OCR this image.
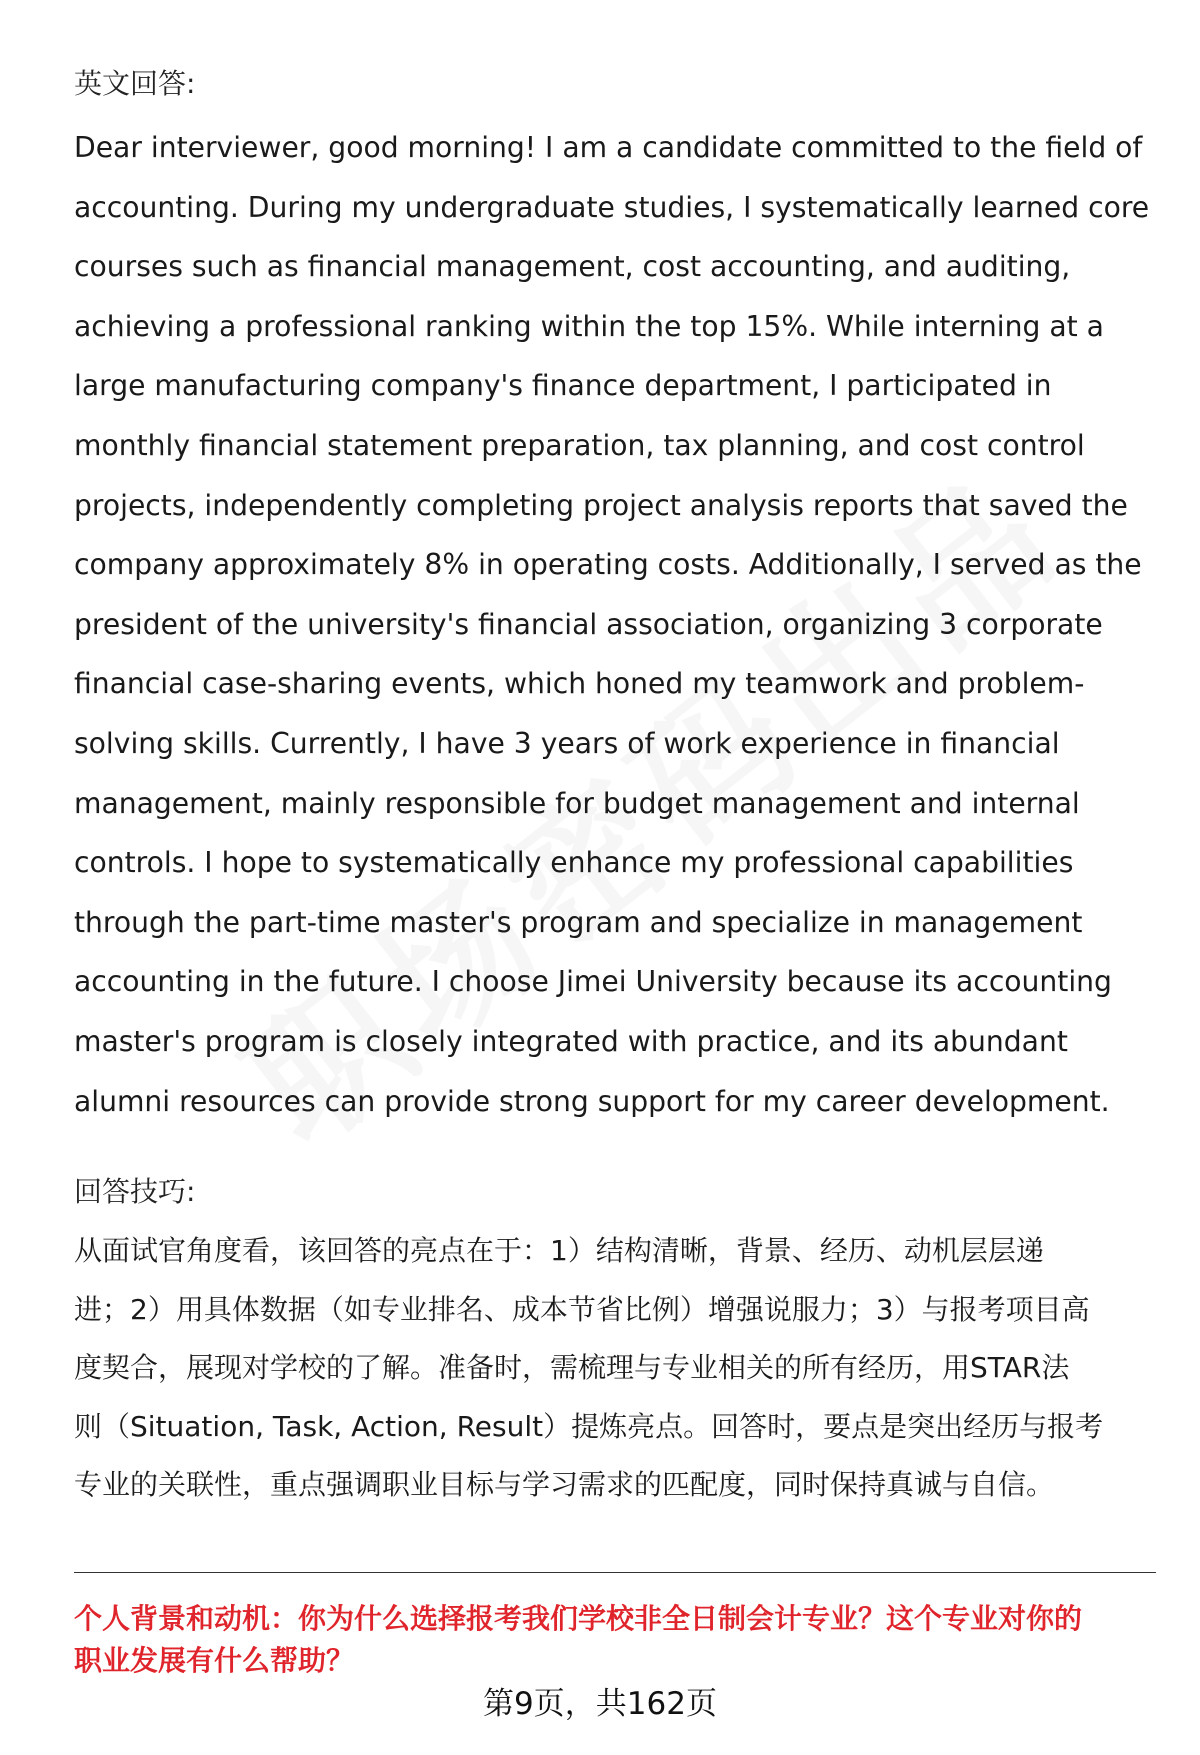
英文回答:
Dear interviewer, good morning! I am a candidate committed to the field of
accounting. During my undergraduate studies, I systematically learned core
courses such as financial management, cost accounting, and auditing,
achieving a professional ranking within the top 15%. While interning at a
large manufacturing company's finance department, I participated in
monthly financial statement preparation, tax planning, and cost control
projects, independently completing project analysis reports that saved the
company approximately 8% in operating costs. Additionally, I served as the
president of the university's financial association, organizing 3 corporate
financial case-sharing events, which honed my teamwork and problem-
solving skills. Currently, I have 3 years of work experience in financial
management, mainly responsible for budget management and internal
controls. I hope to systematically enhance my professional capabilities
through the part-time master's program and specialize in management
accounting in the future. I choose Jimei University because its accounting
master's program is closely integrated with practice, and its abundant
alumni resources can provide strong support for my career development.
回答技巧:
从面试官角度看，该回答的亮点在于：1）结构清晰，背景、经历、动机层层递
进；2）用具体数据（如专业排名、成本节省比例）增强说服力；3）与报考项目高
度契合，展现对学校的了解。准备时，需梳理与专业相关的所有经历，用STAR法
则（Situation, Task, Action, Result）提炼亮点。回答时，要点是突出经历与报考
专业的关联性，重点强调职业目标与学习需求的匹配度，同时保持真诚与自信。
个人背景和动机：你为什么选择报考我们学校非全日制会计专业？这个专业对你的
职业发展有什么帮助？
第9页，共162页
